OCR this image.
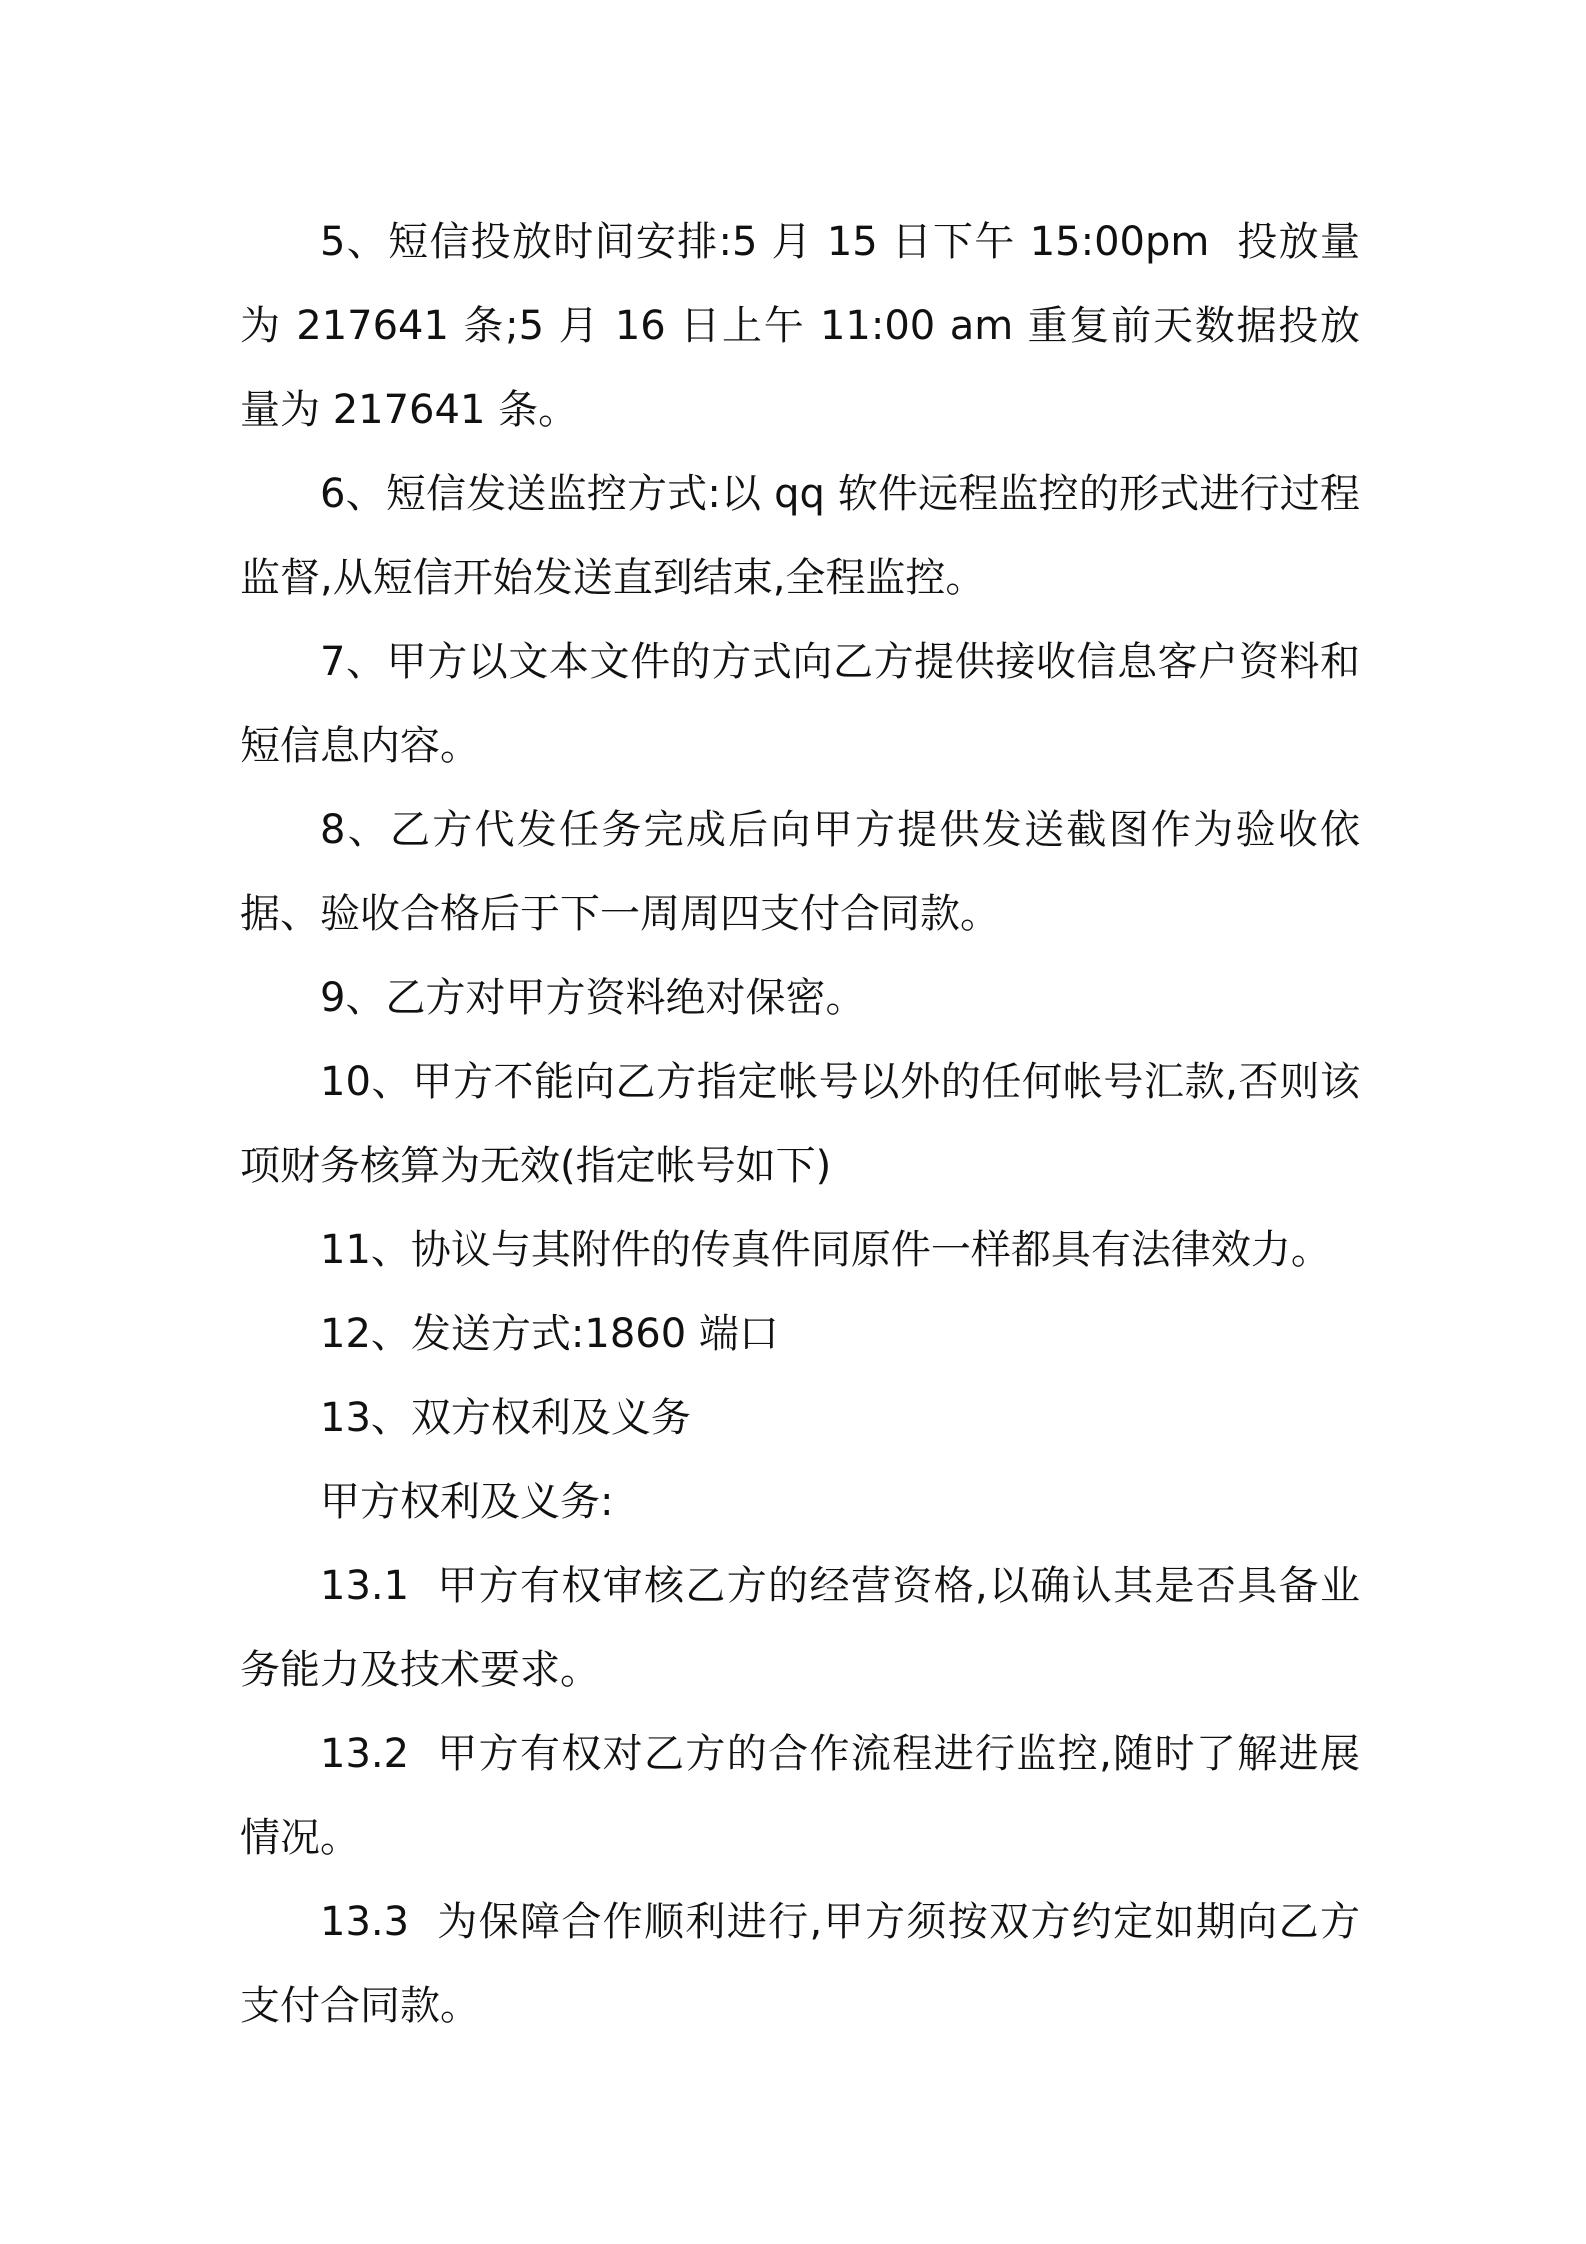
5、短信投放时间安排:5 月 15 日下午 15:00pm  投放量为 217641 条;5 月 16 日上午 11:00 am 重复前天数据投放量为 217641 条。

6、短信发送监控方式:以 qq 软件远程监控的形式进行过程监督,从短信开始发送直到结束,全程监控。

7、甲方以文本文件的方式向乙方提供接收信息客户资料和短信息内容。

8、乙方代发任务完成后向甲方提供发送截图作为验收依据、验收合格后于下一周周四支付合同款。

9、乙方对甲方资料绝对保密。

10、甲方不能向乙方指定帐号以外的任何帐号汇款,否则该项财务核算为无效(指定帐号如下)

11、协议与其附件的传真件同原件一样都具有法律效力。

12、发送方式:1860 端口

13、双方权利及义务

甲方权利及义务:

13.1  甲方有权审核乙方的经营资格,以确认其是否具备业务能力及技术要求。

13.2  甲方有权对乙方的合作流程进行监控,随时了解进展情况。

13.3  为保障合作顺利进行,甲方须按双方约定如期向乙方支付合同款。
